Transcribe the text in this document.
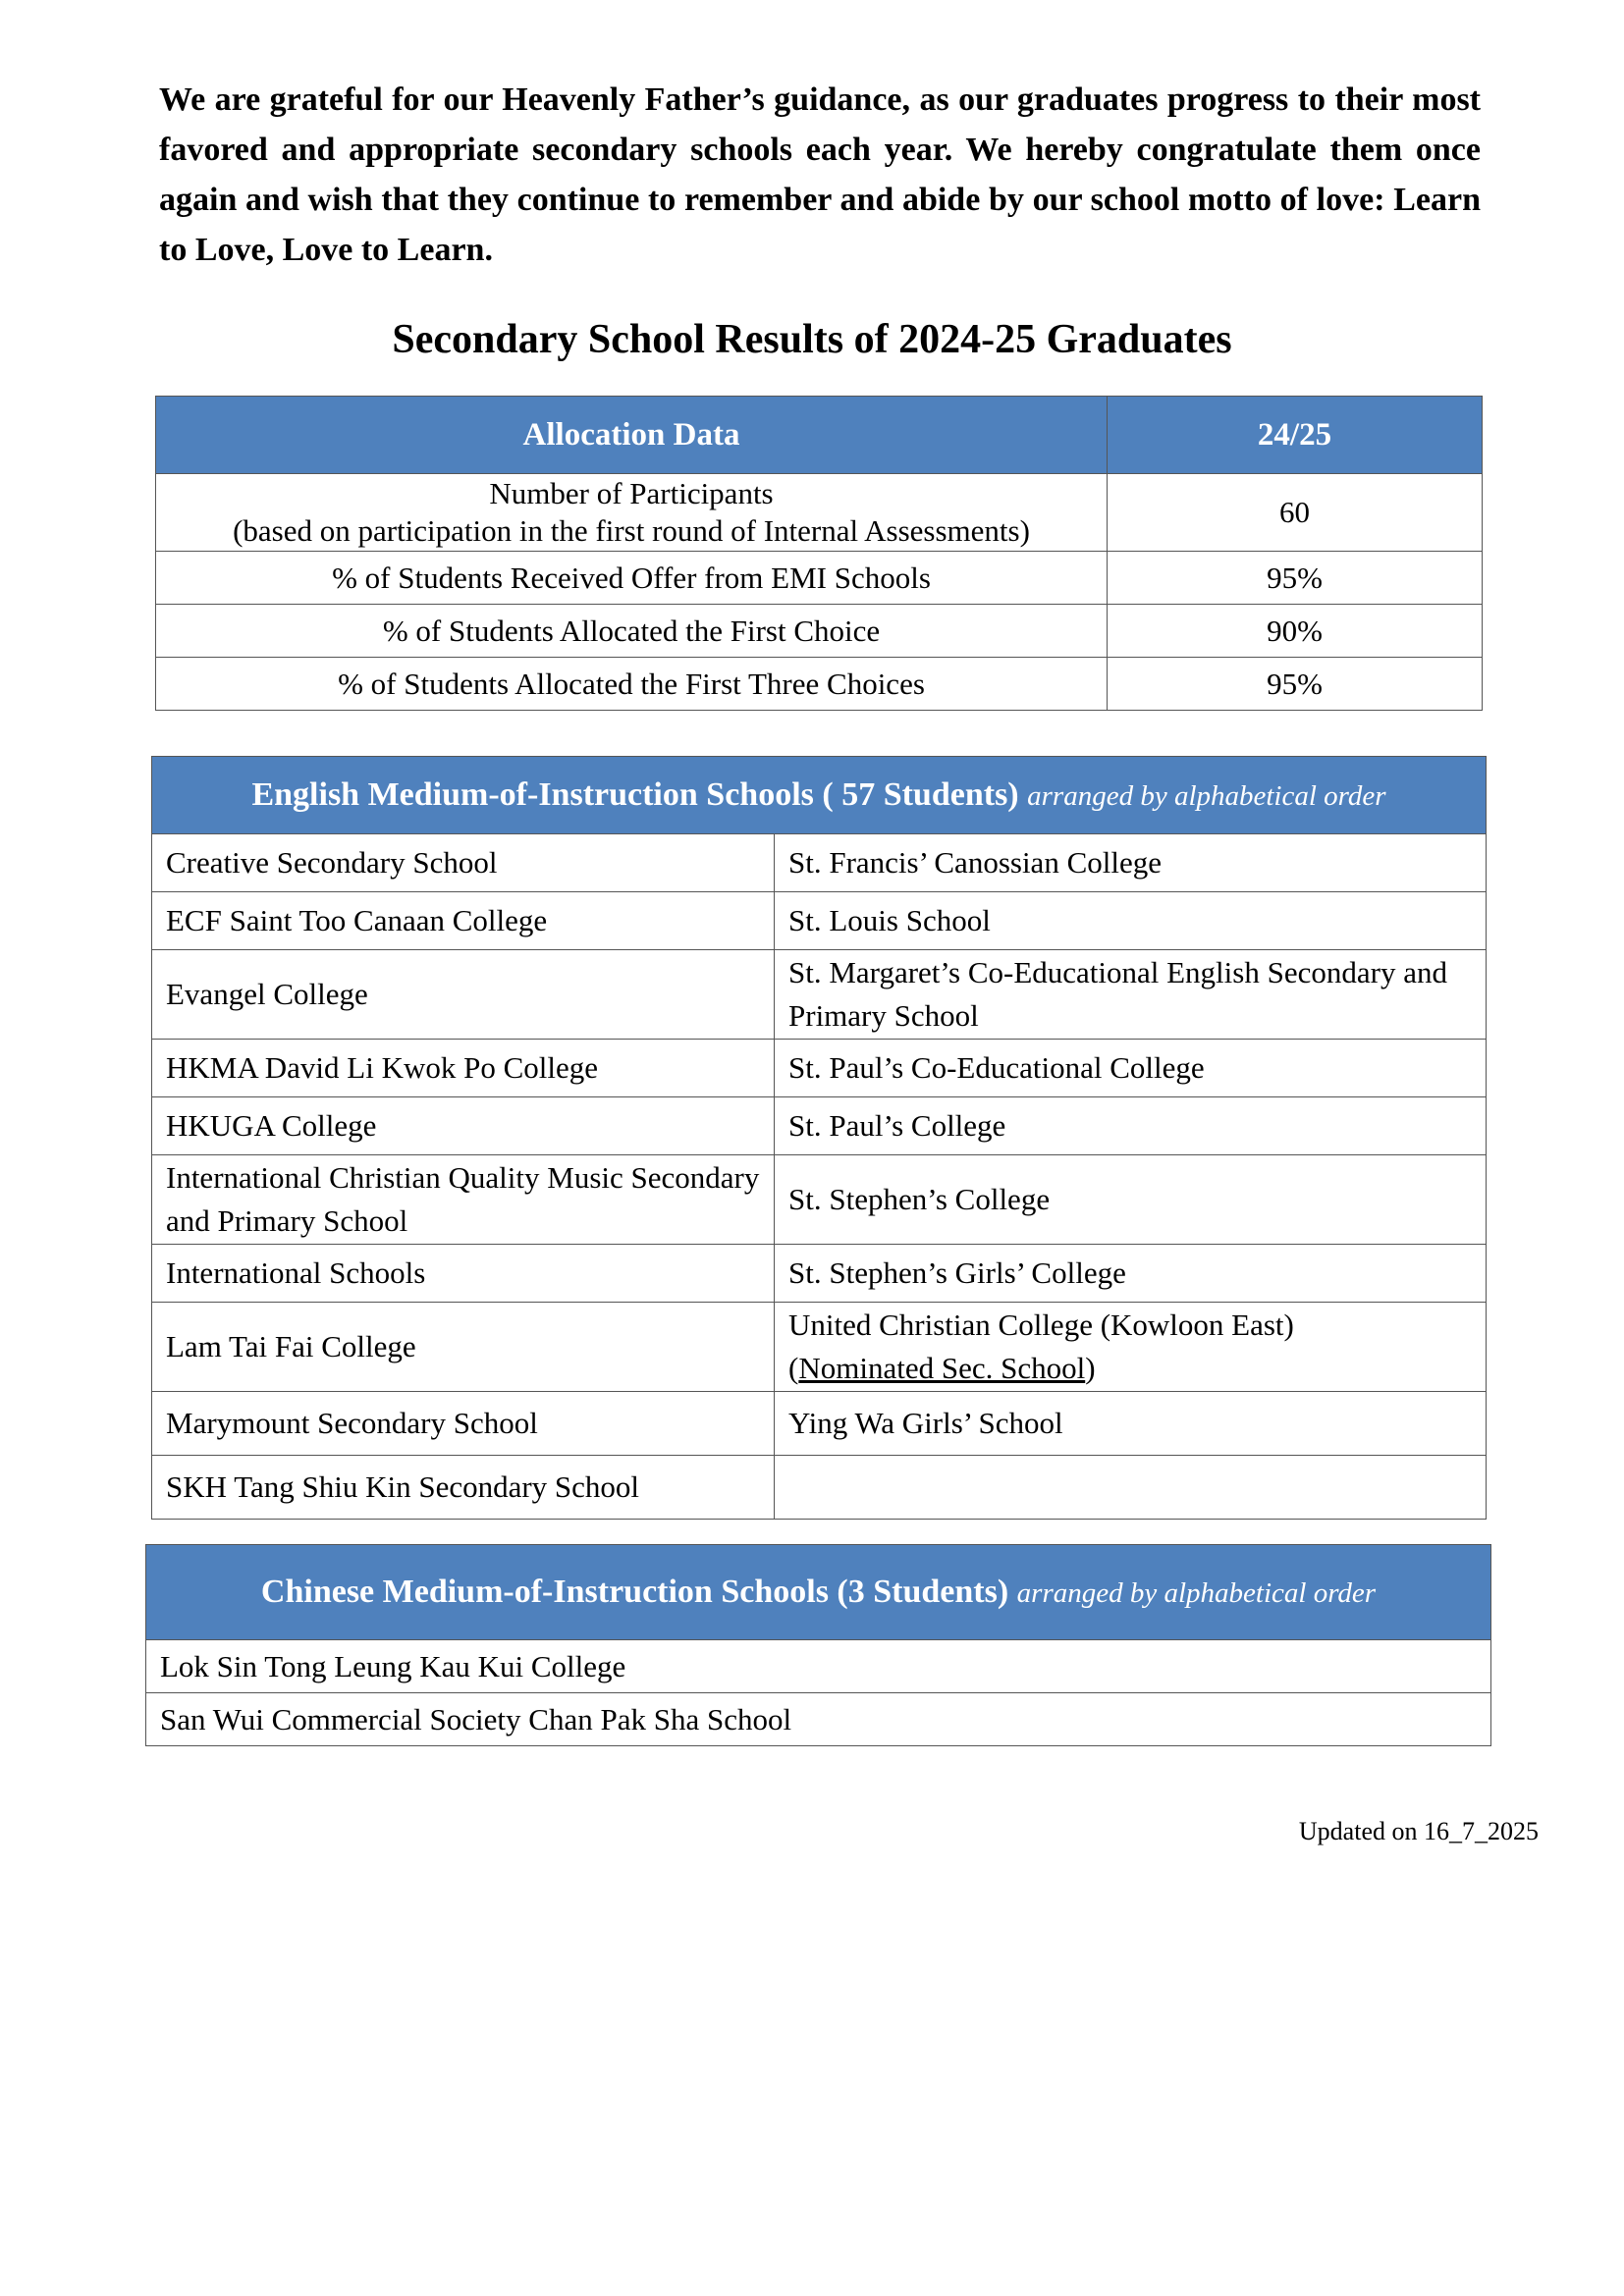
We are grateful for our Heavenly Father’s guidance, as our graduates progress to their most favored and appropriate secondary schools each year. We hereby congratulate them once again and wish that they continue to remember and abide by our school motto of love: Learn to Love, Love to Learn.
Secondary School Results of 2024-25 Graduates
Allocation Data	24/25

Number of Participants
(based on participation in the first round of Internal Assessments)	60
% of Students Received Offer from EMI Schools	95%
% of Students Allocated the First Choice	90%
% of Students Allocated the First Three Choices	95%
English Medium-of-Instruction Schools ( 57 Students) arranged by alphabetical order	
Creative Secondary School	St. Francis’ Canossian College
ECF Saint Too Canaan College	St. Louis School
Evangel College	St. Margaret’s Co-Educational English Secondary and Primary School
HKMA David Li Kwok Po College	St. Paul’s Co-Educational College
HKUGA College	St. Paul’s College
International Christian Quality Music Secondary and Primary School	St. Stephen’s College
International Schools	St. Stephen’s Girls’ College
Lam Tai Fai College	United Christian College (Kowloon East)
(Nominated Sec. School)

Marymount Secondary School	Ying Wa Girls’ School
SKH Tang Shiu Kin Secondary School	
Chinese Medium-of-Instruction Schools (3 Students) arranged by alphabetical order
Lok Sin Tong Leung Kau Kui College
San Wui Commercial Society Chan Pak Sha School
Updated on 16_7_2025
